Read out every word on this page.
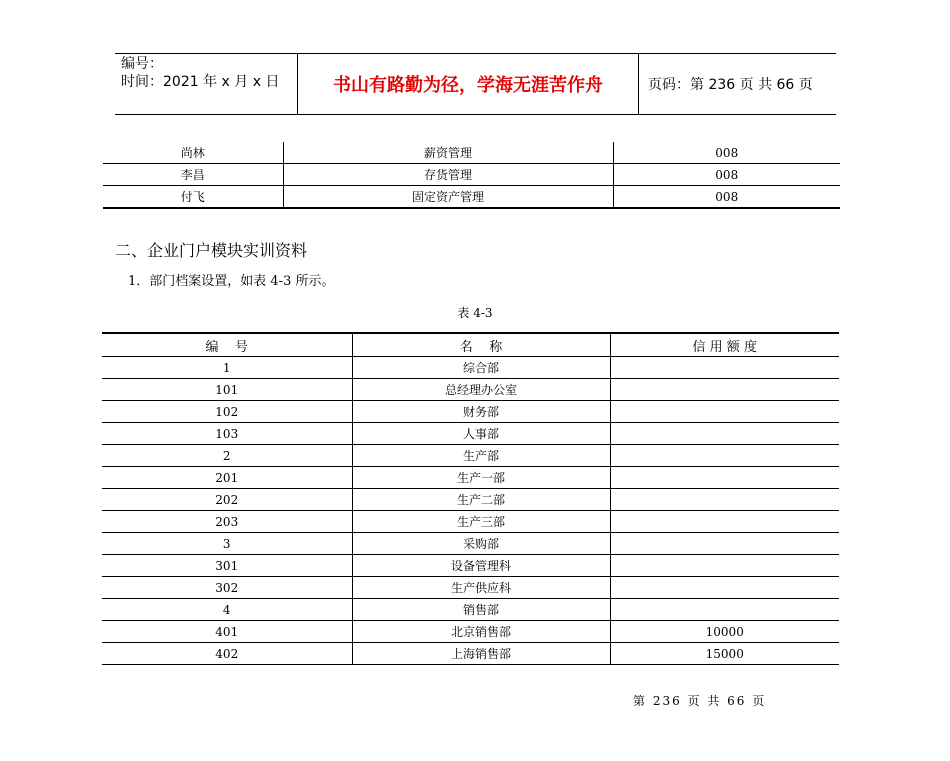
编号：
时间：2021 年 x 月 x 日	书山有路勤为径，学海无涯苦作舟	页码：第 236 页 共 66 页
尚林	薪资管理	008
李昌	存货管理	008
付飞	固定资产管理	008
二、企业门户模块实训资料
1．部门档案设置，如表 4-3 所示。
表 4-3
编    号	名    称	信 用 额 度
1	综合部	
101	总经理办公室	
102	财务部	
103	人事部	
2	生产部	
201	生产一部	
202	生产二部	
203	生产三部	
3	采购部	
301	设备管理科	
302	生产供应科	
4	销售部	
401	北京销售部	10000
402	上海销售部	15000
第 236 页 共 66 页
